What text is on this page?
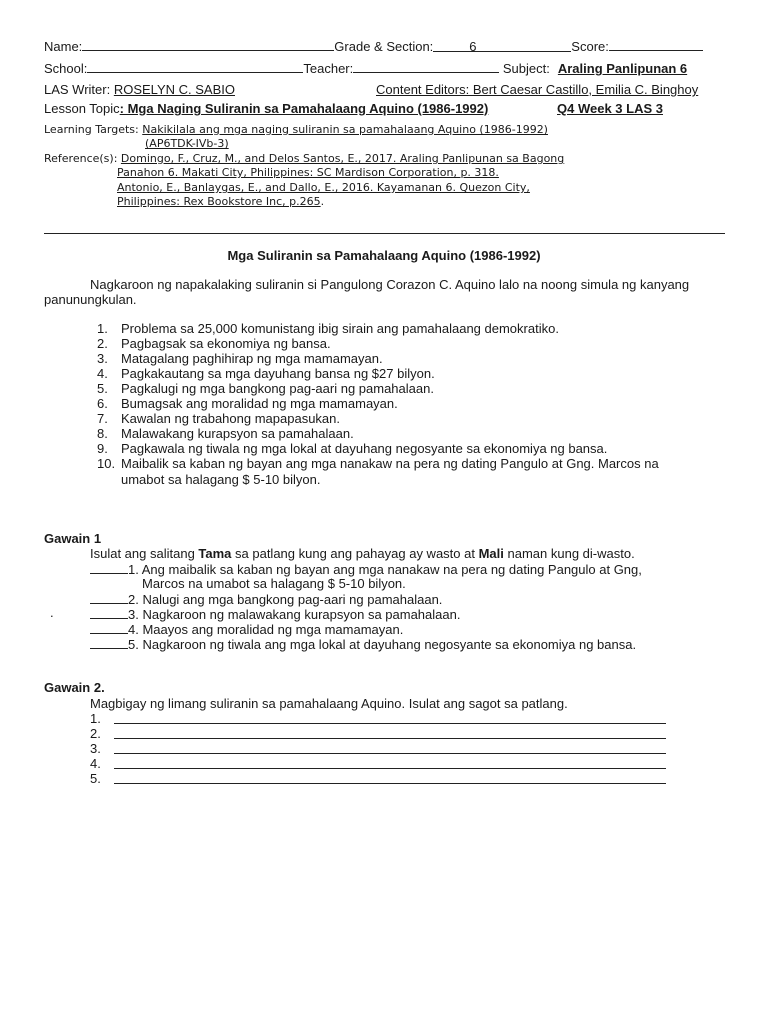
Name:	Grade & Section:	6	Score:
School:	Teacher:	Subject: Araling Panlipunan 6
LAS Writer: ROSELYN C. SABIO	Content Editors: Bert Caesar Castillo, Emilia C. Binghoy
Lesson Topic: Mga Naging Suliranin sa Pamahalaang Aquino (1986-1992)	Q4 Week 3 LAS 3
Learning Targets: Nakikilala ang mga naging suliranin sa pamahalaang Aquino (1986-1992)
(AP6TDK-IVb-3)
Reference(s): Domingo, F., Cruz, M., and Delos Santos, E., 2017. Araling Panlipunan sa Bagong
Panahon 6. Makati City, Philippines: SC Mardison Corporation, p. 318.
Antonio, E., Banlaygas, E., and Dallo, E., 2016. Kayamanan 6. Quezon City,
Philippines: Rex Bookstore Inc, p.265.
Mga Suliranin sa Pamahalaang Aquino (1986-1992)
Nagkaroon ng napakalaking suliranin si Pangulong Corazon C. Aquino lalo na noong simula ng kanyang
panunungkulan.
1. Problema sa 25,000 komunistang ibig sirain ang pamahalaang demokratiko.
2. Pagbagsak sa ekonomiya ng bansa.
3. Matagalang paghihirap ng mga mamamayan.
4. Pagkakautang sa mga dayuhang bansa ng $27 bilyon.
5. Pagkalugi ng mga bangkong pag-aari ng pamahalaan.
6. Bumagsak ang moralidad ng mga mamamayan.
7. Kawalan ng trabahong mapapasukan.
8. Malawakang kurapsyon sa pamahalaan.
9. Pagkawala ng tiwala ng mga lokal at dayuhang negosyante sa ekonomiya ng bansa.
10. Maibalik sa kaban ng bayan ang mga nanakaw na pera ng dating Pangulo at Gng. Marcos na
umabot sa halagang $ 5-10 bilyon.
Gawain 1
Isulat ang salitang Tama sa patlang kung ang pahayag ay wasto at Mali naman kung di-wasto.
1. Ang maibalik sa kaban ng bayan ang mga nanakaw na pera ng dating Pangulo at Gng,
2. Nalugi ang mga bangkong pag-aari ng pamahalaan.
3. Nagkaroon ng malawakang kurapsyon sa pamahalaan.
4. Maayos ang moralidad ng mga mamamayan.
5. Nagkaroon ng tiwala ang mga lokal at dayuhang negosyante sa ekonomiya ng bansa.
Marcos na umabot sa halagang $ 5-10 bilyon.
.
Gawain 2.
Magbigay ng limang suliranin sa pamahalaang Aquino. Isulat ang sagot sa patlang.
1.
2.
3.
4.
5.
